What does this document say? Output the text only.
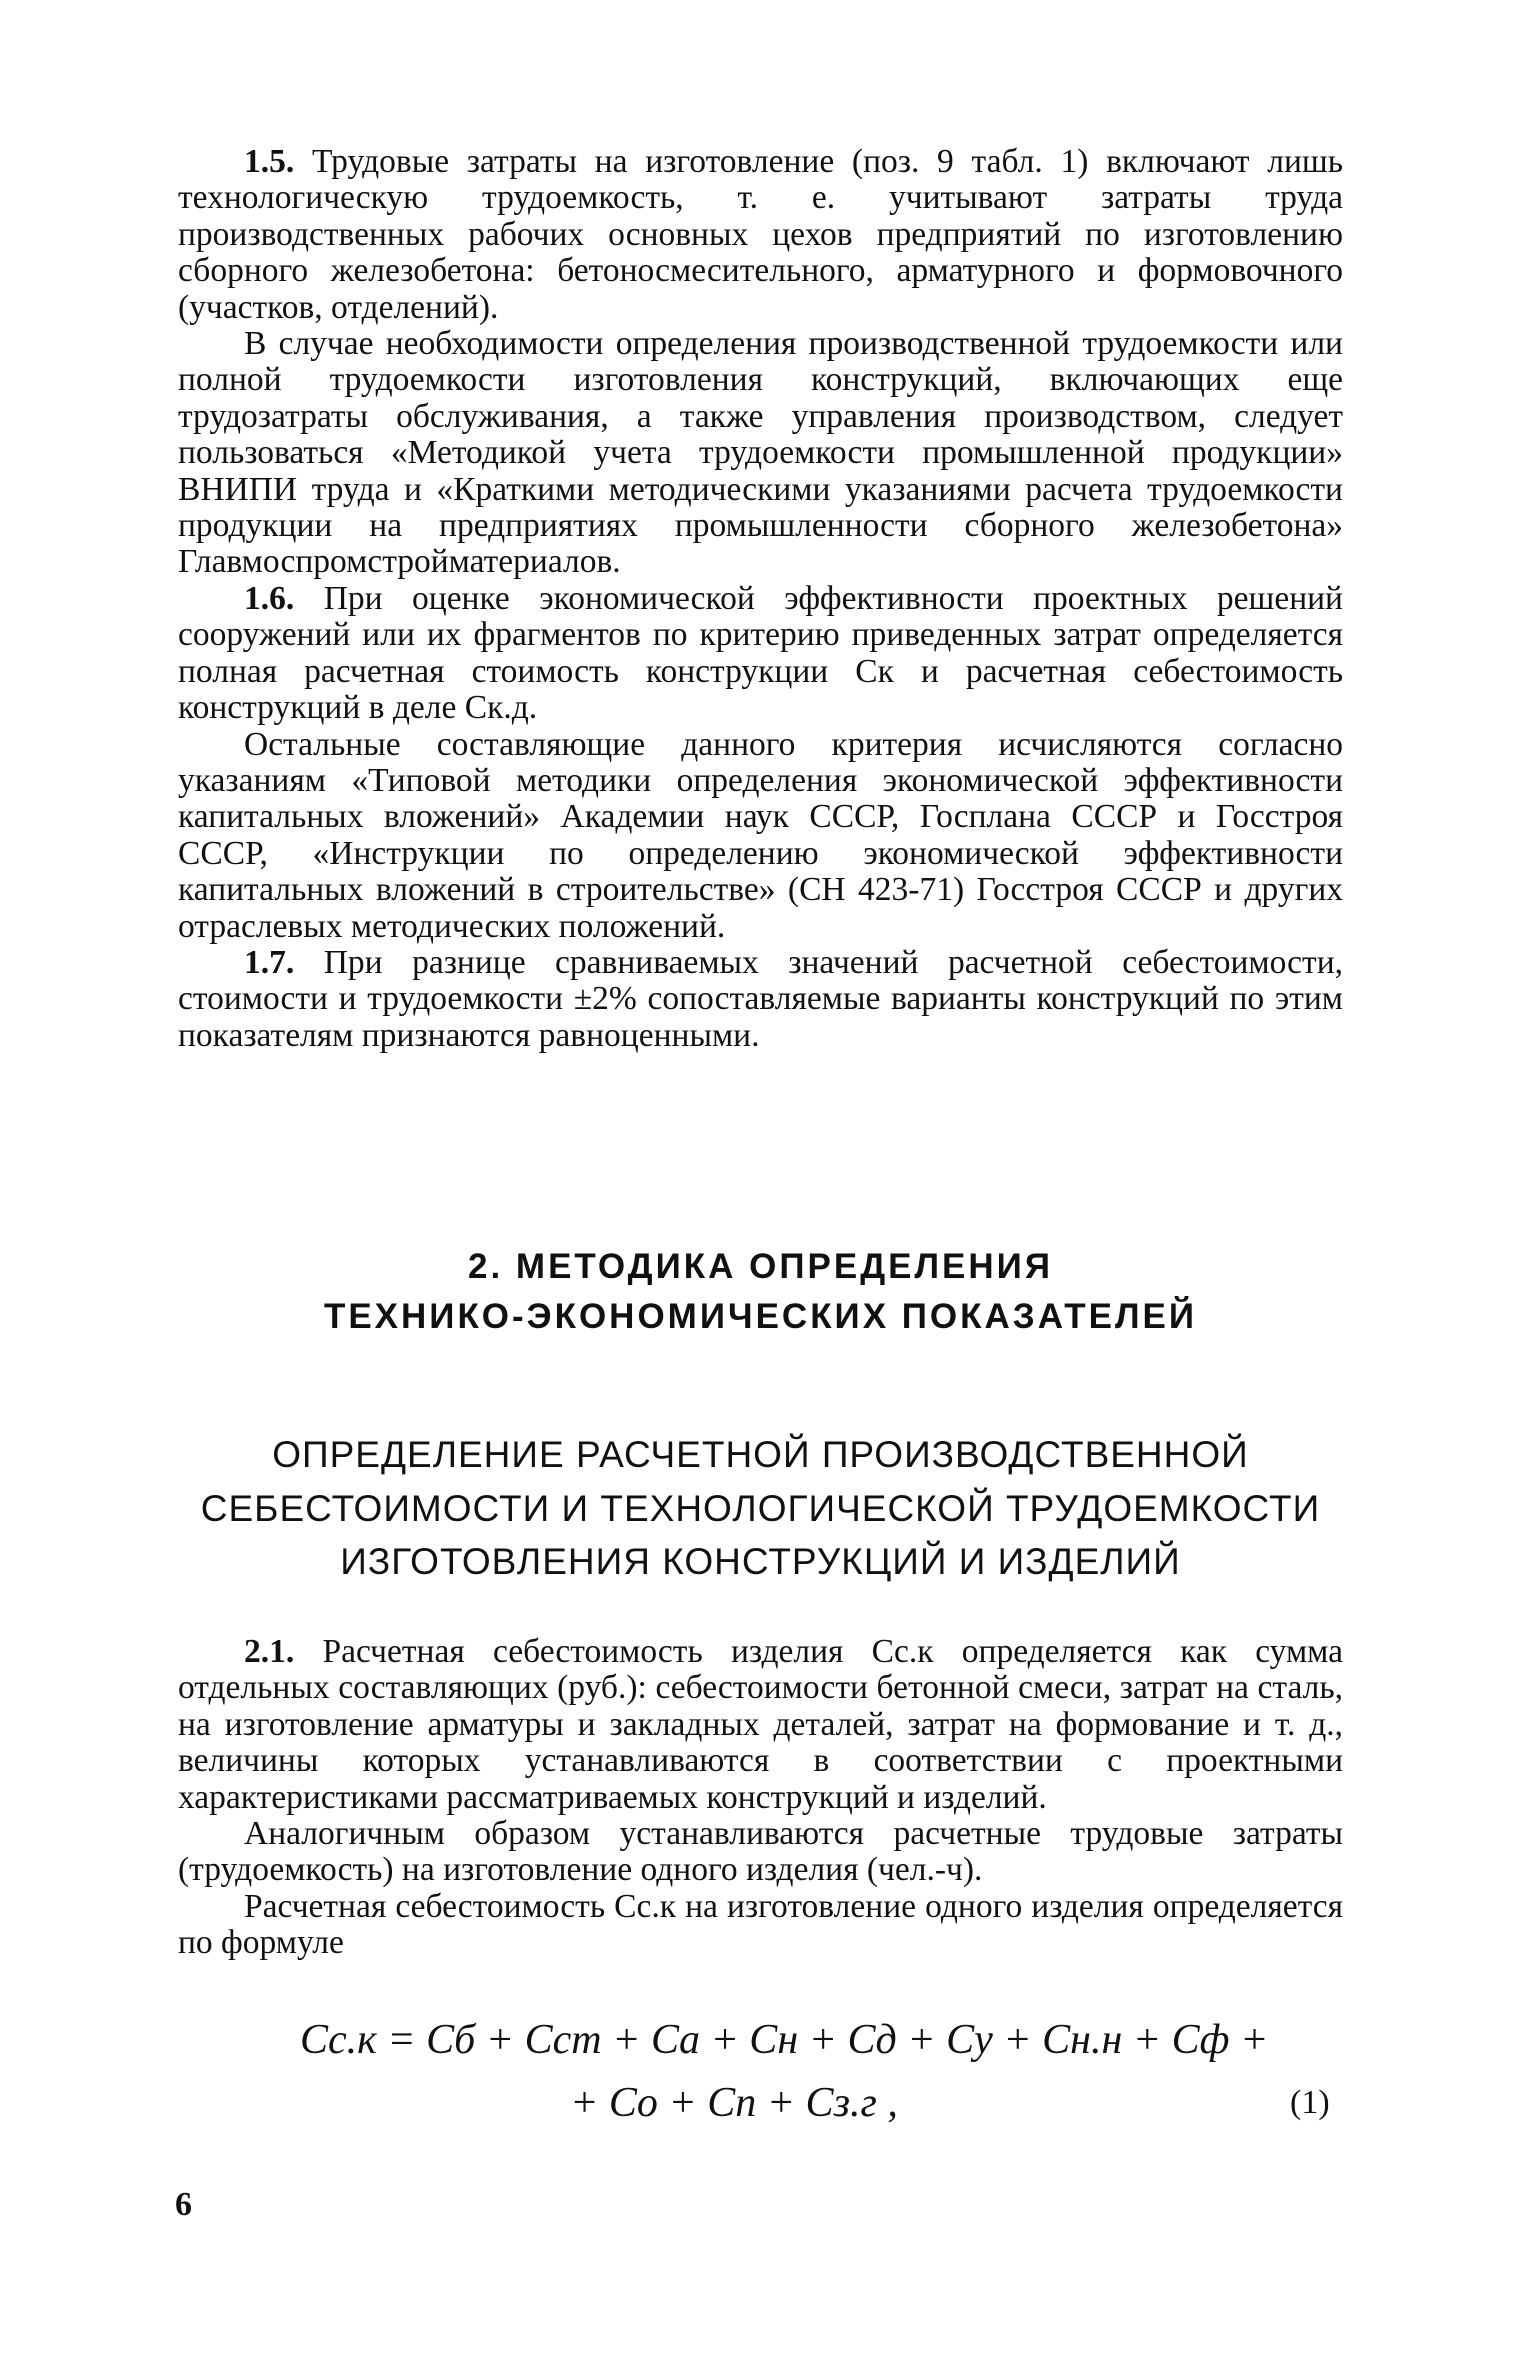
1.5. Трудовые затраты на изготовление (поз. 9 табл. 1) включают лишь технологическую трудоемкость, т. е. учитывают затраты труда производственных рабочих основных цехов предприятий по изготовлению сборного железобетона: бетоносмесительного, арматурного и формовочного (участков, отделений).

В случае необходимости определения производственной трудоемкости или полной трудоемкости изготовления конструкций, включающих еще трудозатраты обслуживания, а также управления производством, следует пользоваться «Методикой учета трудоемкости промышленной продукции» ВНИПИ труда и «Краткими методическими указаниями расчета трудоемкости продукции на предприятиях промышленности сборного железобетона» Главмоспромстройматериалов.

1.6. При оценке экономической эффективности проектных решений сооружений или их фрагментов по критерию приведенных затрат определяется полная расчетная стоимость конструкции Cк и расчетная себестоимость конструкций в деле Cк.д.

Остальные составляющие данного критерия исчисляются согласно указаниям «Типовой методики определения экономической эффективности капитальных вложений» Академии наук СССР, Госплана СССР и Госстроя СССР, «Инструкции по определению экономической эффективности капитальных вложений в строительстве» (СН 423-71) Госстроя СССР и других отраслевых методических положений.

1.7. При разнице сравниваемых значений расчетной себестоимости, стоимости и трудоемкости ±2% сопоставляемые варианты конструкций по этим показателям признаются равноценными.

2. МЕТОДИКА ОПРЕДЕЛЕНИЯ
ТЕХНИКО-ЭКОНОМИЧЕСКИХ ПОКАЗАТЕЛЕЙ
ОПРЕДЕЛЕНИЕ РАСЧЕТНОЙ ПРОИЗВОДСТВЕННОЙ
СЕБЕСТОИМОСТИ И ТЕХНОЛОГИЧЕСКОЙ ТРУДОЕМКОСТИ
ИЗГОТОВЛЕНИЯ КОНСТРУКЦИЙ И ИЗДЕЛИЙ

2.1. Расчетная себестоимость изделия Cс.к определяется как сумма отдельных составляющих (руб.): себестоимости бетонной смеси, затрат на сталь, на изготовление арматуры и закладных деталей, затрат на формование и т. д., величины которых устанавливаются в соответствии с проектными характеристиками рассматриваемых конструкций и изделий.

Аналогичным образом устанавливаются расчетные трудовые затраты (трудоемкость) на изготовление одного изделия (чел.-ч).

Расчетная себестоимость Cс.к на изготовление одного изделия определяется по формуле

Cс.к = Cб + Cст + Cа + Cн + Cд + Cу + Cн.н + Cф +
+ Cо + Cп + Cз.г ,	(1)
6
